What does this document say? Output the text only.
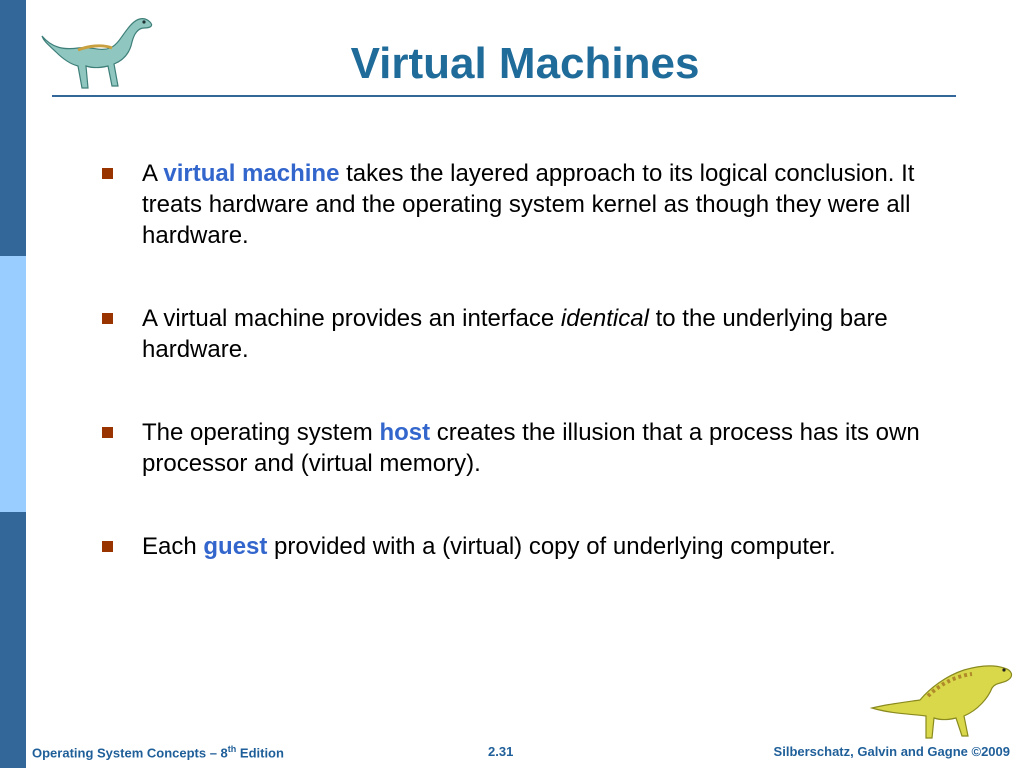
Virtual Machines
A virtual machine takes the layered approach to its logical conclusion. It treats hardware and the operating system kernel as though they were all hardware.
A virtual machine provides an interface identical to the underlying bare hardware.
The operating system host creates the illusion that a process has its own processor and (virtual memory).
Each guest provided with a (virtual) copy of underlying computer.
Operating System Concepts – 8th Edition	2.31	Silberschatz, Galvin and Gagne ©2009
